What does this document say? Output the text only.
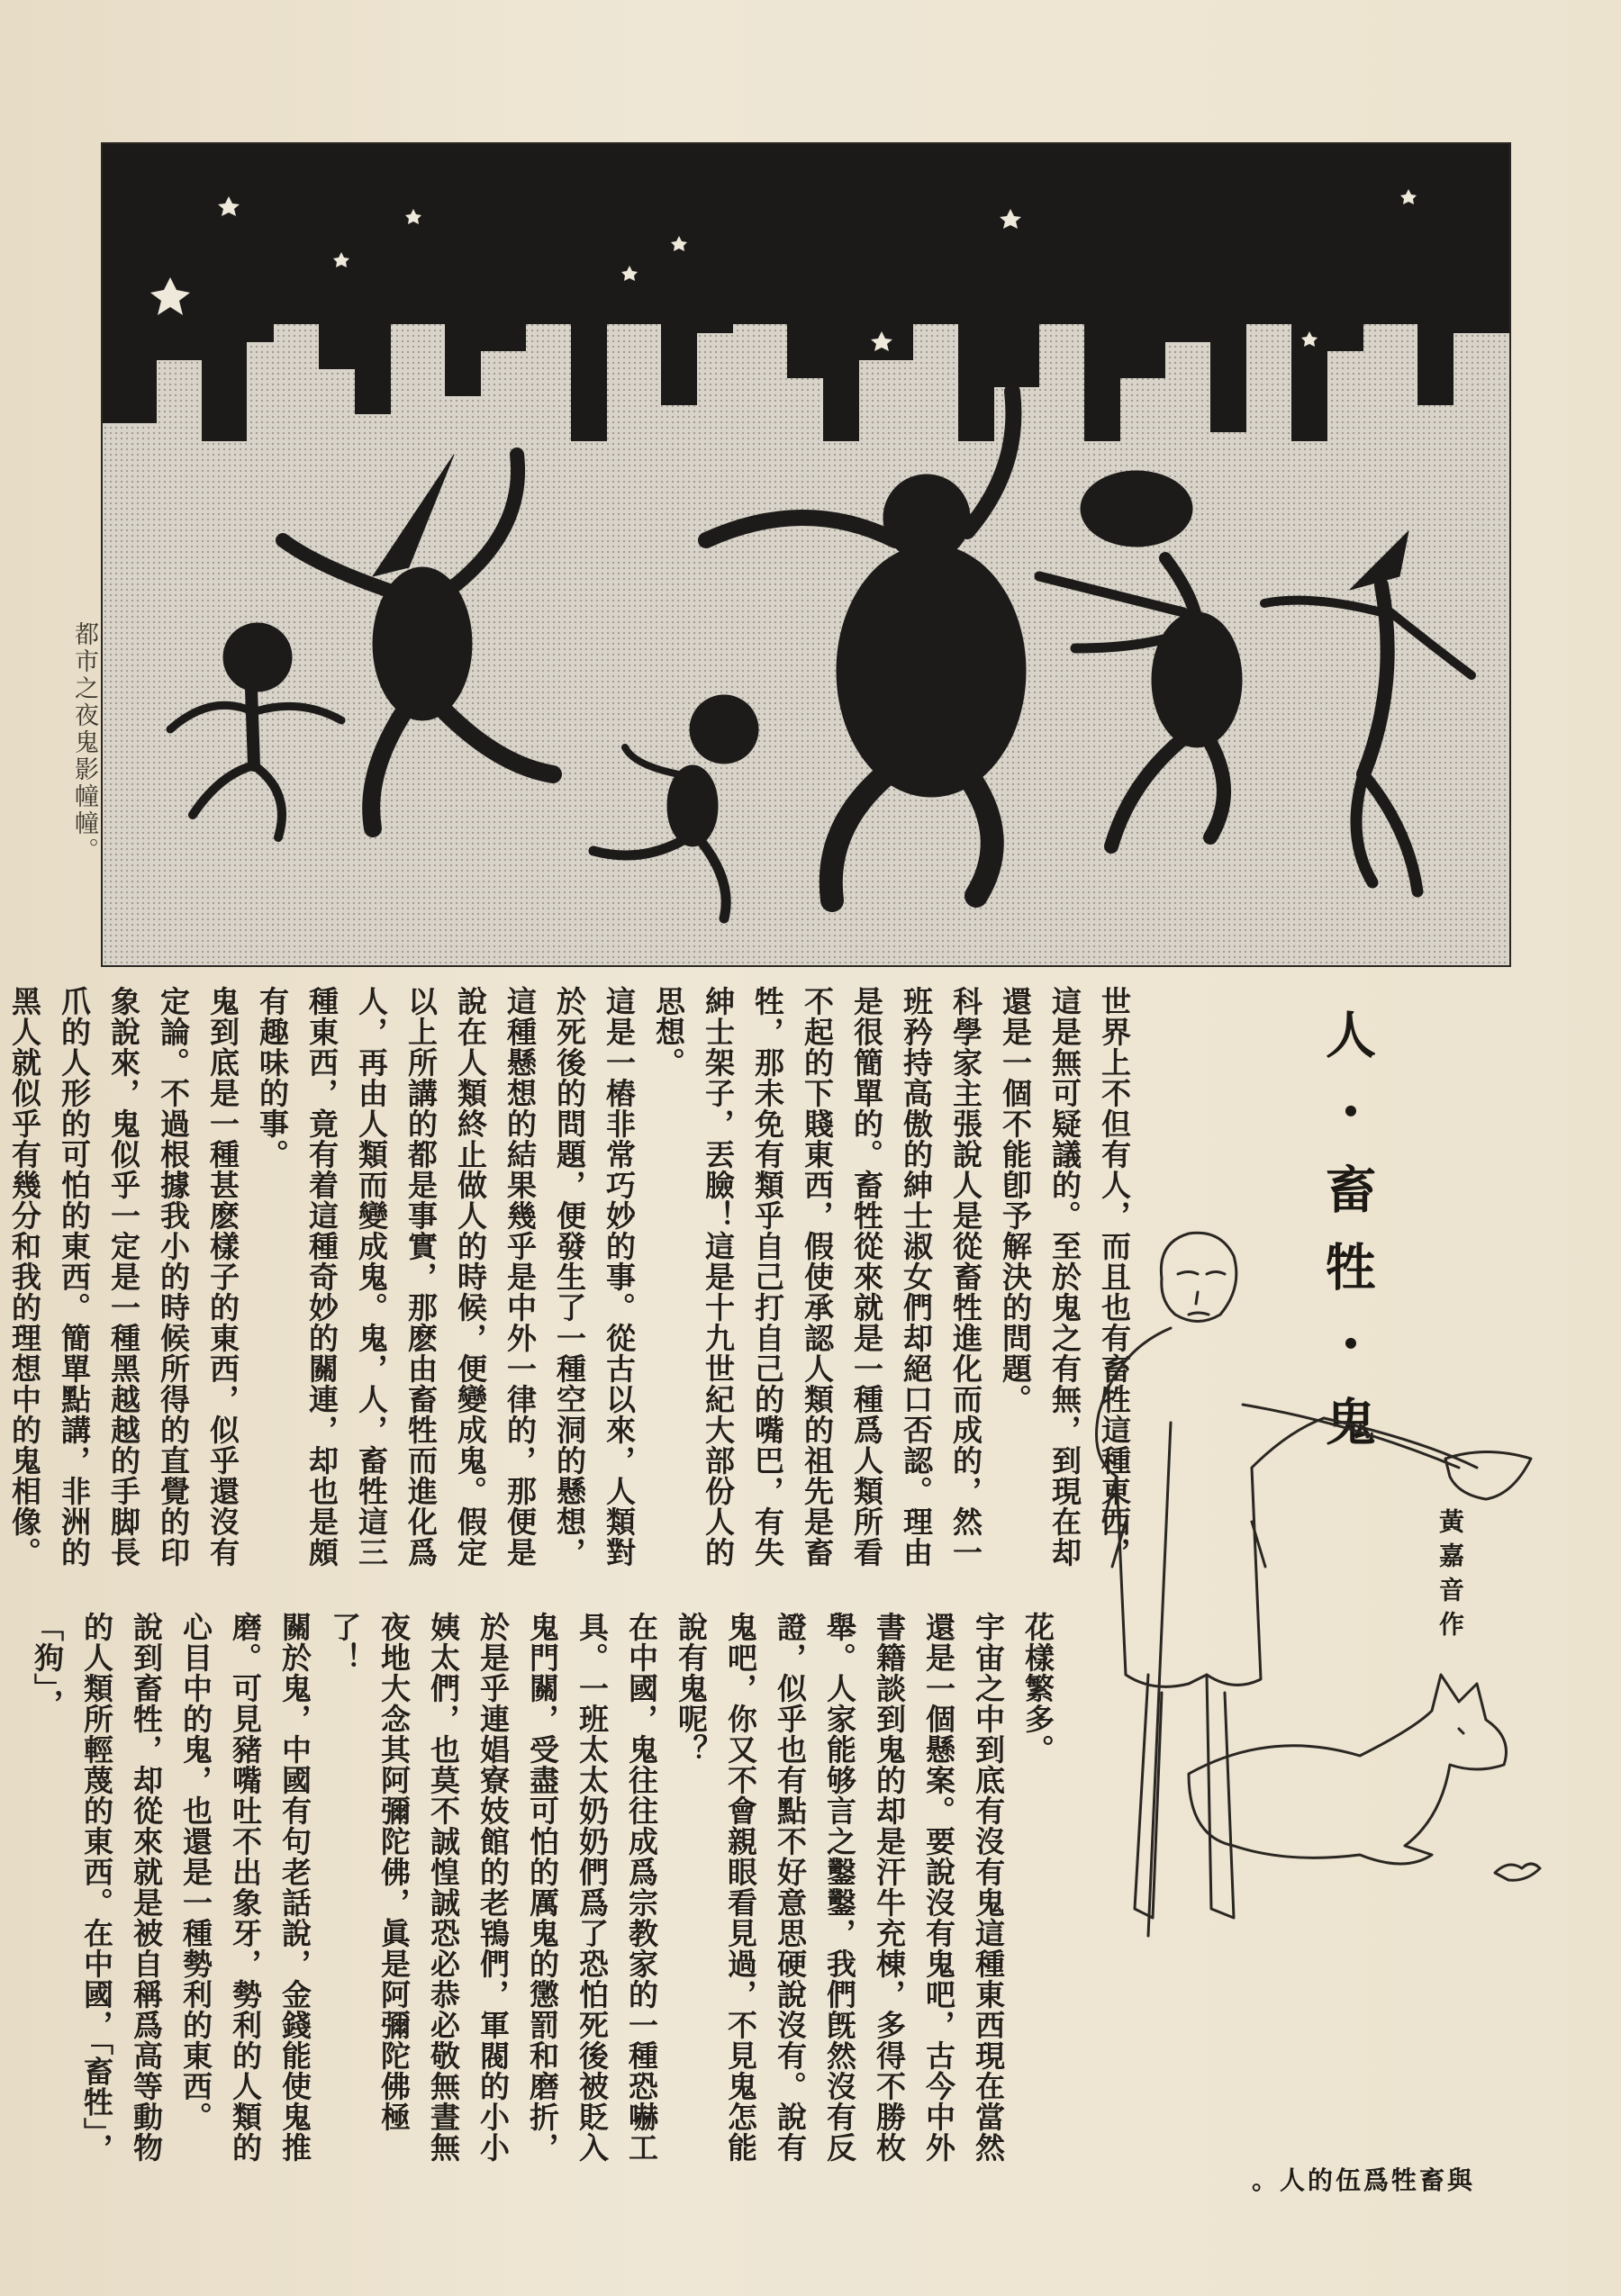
都市之夜鬼影幢幢。
人・畜牲・鬼
黃嘉音作

世界上不但有人，而且也有畜牲這種東西，這是無可疑議的。至於鬼之有無，到現在却還是一個不能卽予解決的問題。

科學家主張說人是從畜牲進化而成的，然一班矜持高傲的紳士淑女們却絕口否認。理由是很簡單的。畜牲從來就是一種爲人類所看不起的下賤東西，假使承認人類的祖先是畜牲，那未免有類乎自己打自己的嘴巴，有失紳士架子，丟臉！這是十九世紀大部份人的思想。

這是一樁非常巧妙的事。從古以來，人類對於死後的問題，便發生了一種空洞的懸想，這種懸想的結果幾乎是中外一律的，那便是說在人類終止做人的時候，便變成鬼。假定以上所講的都是事實，那麽由畜牲而進化爲人，再由人類而變成鬼。鬼，人，畜牲這三種東西，竟有着這種奇妙的關連，却也是頗有趣味的事。

鬼到底是一種甚麽樣子的東西，似乎還沒有定論。不過根據我小的時候所得的直覺的印象說來，鬼似乎一定是一種黑越越的手脚長爪的人形的可怕的東西。簡單點講，非洲的黑人就似乎有幾分和我的理想中的鬼相像。

花樣繁多。

宇宙之中到底有沒有鬼這種東西現在當然還是一個懸案。要說沒有鬼吧，古今中外書籍談到鬼的却是汗牛充棟，多得不勝枚舉。人家能够言之鑿鑿，我們旣然沒有反證，似乎也有點不好意思硬說沒有。說有鬼吧，你又不會親眼看見過，不見鬼怎能說有鬼呢？

在中國，鬼往往成爲宗教家的一種恐嚇工具。一班太太奶奶們爲了恐怕死後被貶入鬼門關，受盡可怕的厲鬼的懲罰和磨折，於是乎連娼寮妓館的老鴇們，軍閥的小小姨太們，也莫不誠惶誠恐必恭必敬無晝無夜地大念其阿彌陀佛，眞是阿彌陀佛極了！

關於鬼，中國有句老話說，金錢能使鬼推磨。可見豬嘴吐不出象牙，勢利的人類的心目中的鬼，也還是一種勢利的東西。

說到畜牲，却從來就是被自稱爲高等動物的人類所輕蔑的東西。在中國，「畜牲」，「狗」，

與畜牲爲伍的人。
